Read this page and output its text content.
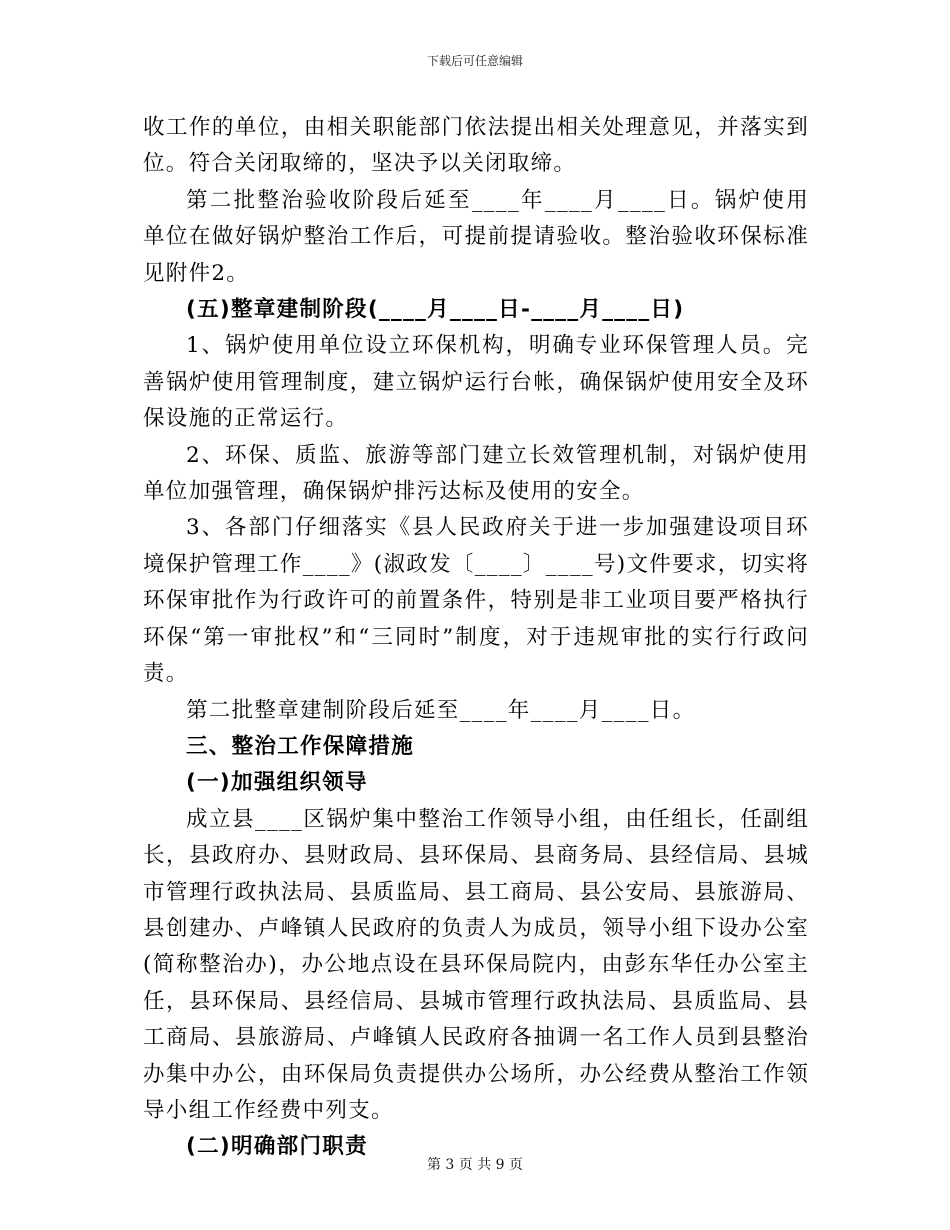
下载后可任意编辑

收工作的单位，由相关职能部门依法提出相关处理意见，并落实到位。符合关闭取缔的，坚决予以关闭取缔。

第二批整治验收阶段后延至____年____月____日。锅炉使用单位在做好锅炉整治工作后，可提前提请验收。整治验收环保标准见附件2。

(五)整章建制阶段(____月____日-____月____日)

1、锅炉使用单位设立环保机构，明确专业环保管理人员。完善锅炉使用管理制度，建立锅炉运行台帐，确保锅炉使用安全及环保设施的正常运行。

2、环保、质监、旅游等部门建立长效管理机制，对锅炉使用单位加强管理，确保锅炉排污达标及使用的安全。

3、各部门仔细落实《县人民政府关于进一步加强建设项目环境保护管理工作____》(淑政发〔____〕____号)文件要求，切实将环保审批作为行政许可的前置条件，特别是非工业项目要严格执行环保“第一审批权”和“三同时”制度，对于违规审批的实行行政问责。

第二批整章建制阶段后延至____年____月____日。

三、整治工作保障措施

(一)加强组织领导

成立县____区锅炉集中整治工作领导小组，由任组长，任副组长，县政府办、县财政局、县环保局、县商务局、县经信局、县城市管理行政执法局、县质监局、县工商局、县公安局、县旅游局、县创建办、卢峰镇人民政府的负责人为成员，领导小组下设办公室(简称整治办)，办公地点设在县环保局院内，由彭东华任办公室主任，县环保局、县经信局、县城市管理行政执法局、县质监局、县工商局、县旅游局、卢峰镇人民政府各抽调一名工作人员到县整治办集中办公，由环保局负责提供办公场所，办公经费从整治工作领导小组工作经费中列支。

(二)明确部门职责

第 3 页 共 9 页
